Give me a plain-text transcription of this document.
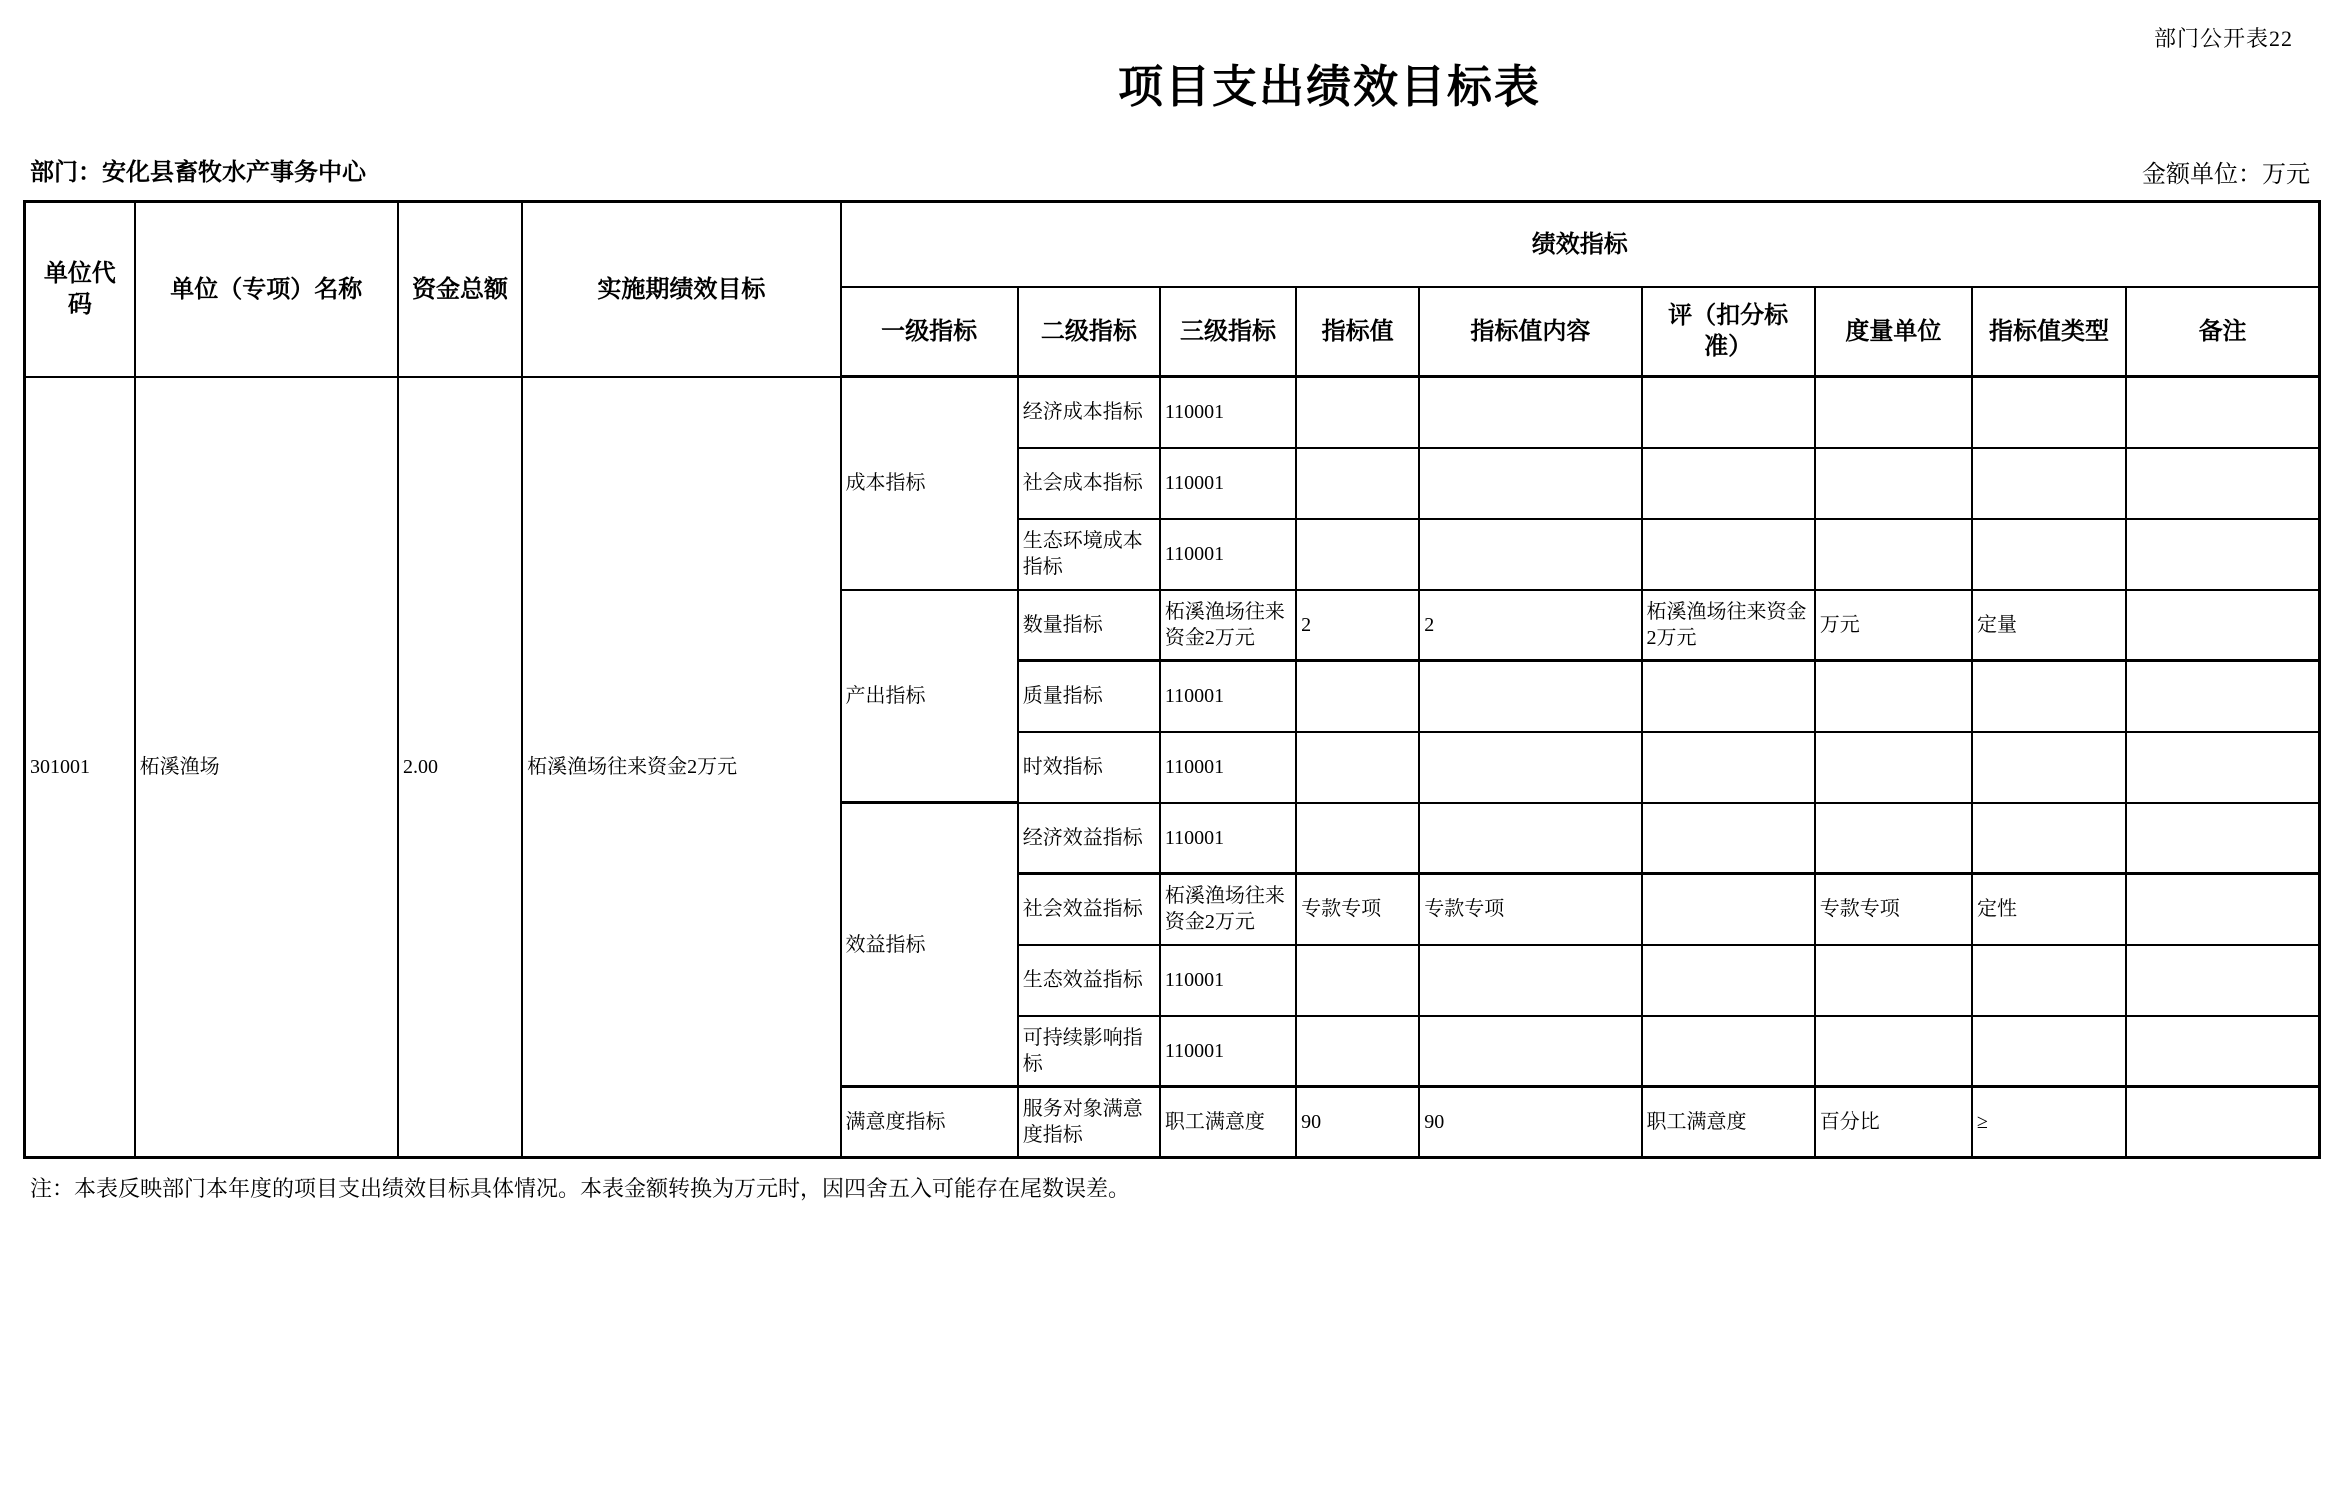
部门公开表22
项目支出绩效目标表
部门：安化县畜牧水产事务中心	金额单位：万元
单位代码	单位（专项）名称	资金总额	实施期绩效目标	绩效指标								
				一级指标	二级指标	三级指标	指标值	指标值内容	评（扣分标准）	度量单位	指标值类型	备注
301001	柘溪渔场	2.00	柘溪渔场往来资金2万元	成本指标	经济成本指标	110001						
					社会成本指标	110001						
					生态环境成本指标	110001						
				产出指标	数量指标	柘溪渔场往来资金2万元	2	2	柘溪渔场往来资金2万元	万元	定量	
					质量指标	110001						
					时效指标	110001						
				效益指标	经济效益指标	110001						
					社会效益指标	柘溪渔场往来资金2万元	专款专项	专款专项		专款专项	定性	
					生态效益指标	110001						
					可持续影响指标	110001						
				满意度指标	服务对象满意度指标	职工满意度	90	90	职工满意度	百分比	≥	
注：本表反映部门本年度的项目支出绩效目标具体情况。本表金额转换为万元时，因四舍五入可能存在尾数误差。
